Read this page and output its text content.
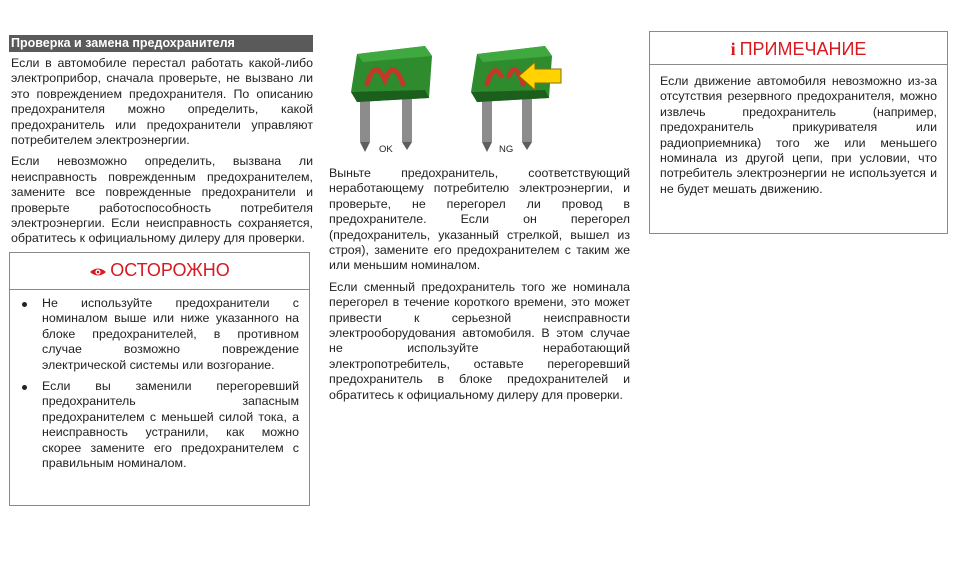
Проверка и замена предохранителя

Если в автомобиле перестал работать какой-либо электроприбор, сначала проверьте, не вызвано ли это повреждением предохранителя. По описанию предохранителя можно определить, какой предохранитель или предохранители управляют потребителем электроэнергии.

Если невозможно определить, вызвана ли неисправность поврежденным предохранителем, замените все поврежденные предохранители и проверьте работоспособность потребителя электроэнергии. Если неисправность сохраняется, обратитесь к официальному дилеру для проверки.

ОСТОРОЖНО
Не используйте предохранители с номиналом выше или ниже указанного на блоке предохранителей, в противном случае возможно повреждение электрической системы или возгорание.
Если вы заменили перегоревший предохранитель запасным предохранителем с меньшей силой тока, а неисправность устранили, как можно скорее замените его предохранителем с правильным номиналом.
OK	NG

Выньте предохранитель, соответствующий неработающему потребителю электроэнергии, и проверьте, не перегорел ли провод в предохранителе. Если он перегорел (предохранитель, указанный стрелкой, вышел из строя), замените его предохранителем с таким же или меньшим номиналом.

Если сменный предохранитель того же номинала перегорел в течение короткого времени, это может привести к серьезной неисправности электрооборудования автомобиля. В этом случае не используйте неработающий электропотребитель, оставьте перегоревший предохранитель в блоке предохранителей и обратитесь к официальному дилеру для проверки.

i ПРИМЕЧАНИЕ

Если движение автомобиля невозможно из-за отсутствия резервного предохранителя, можно извлечь предохранитель (например, предохранитель прикуривателя или радиоприемника) того же или меньшего номинала из другой цепи, при условии, что потребитель электроэнергии не используется и не будет мешать движению.
